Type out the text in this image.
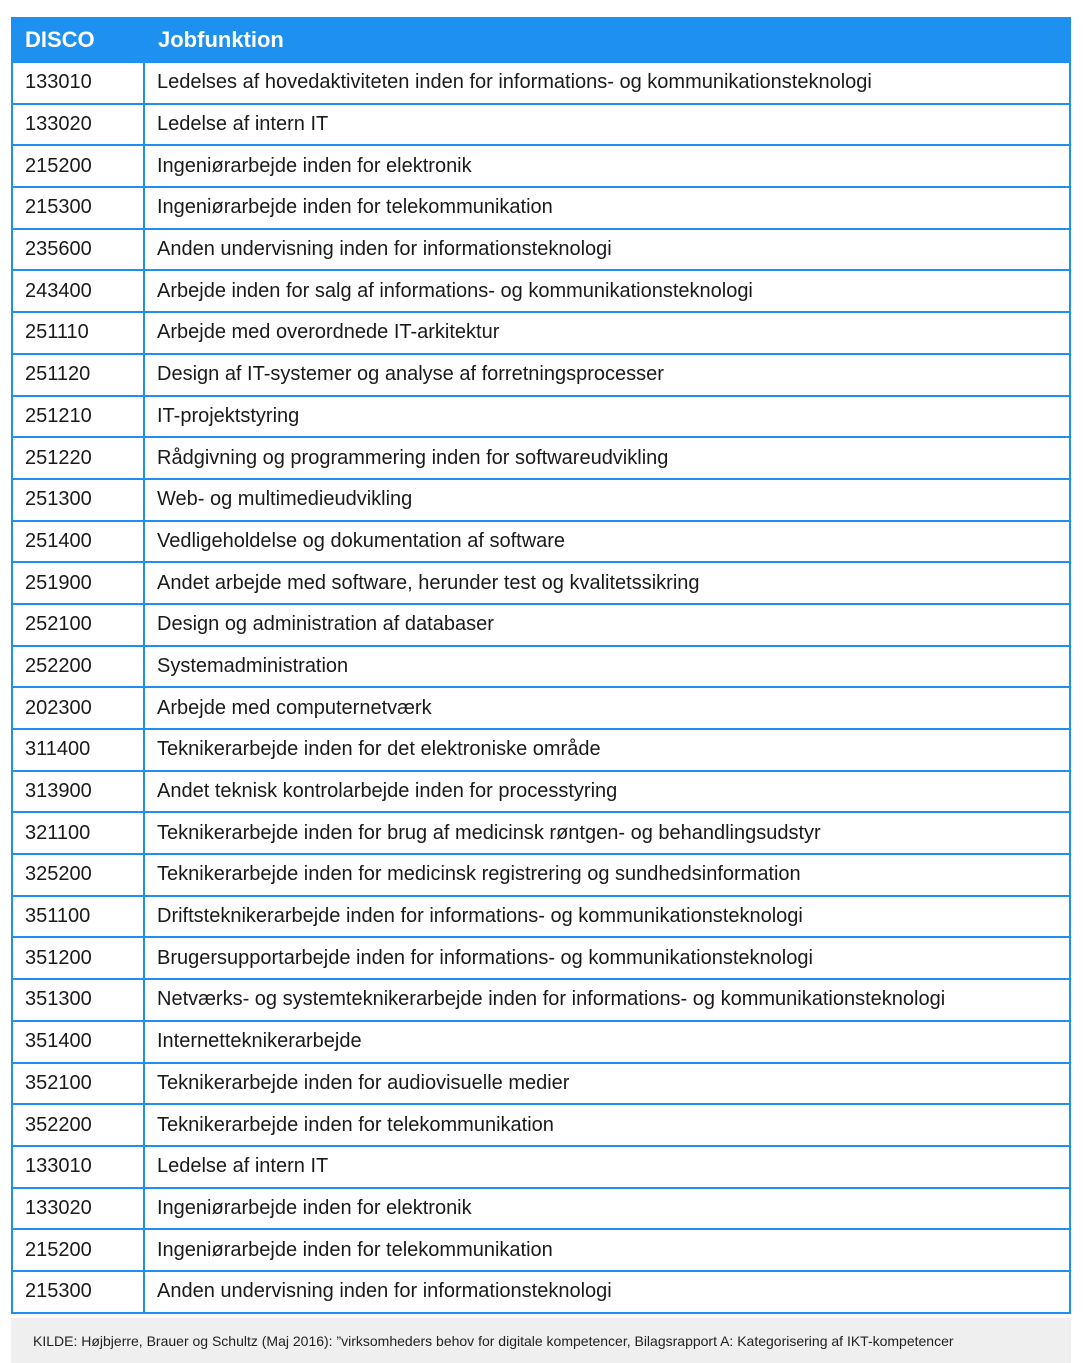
DISCO	Jobfunktion
133010	Ledelses af hovedaktiviteten inden for informations- og kommunikationsteknologi
133020	Ledelse af intern IT
215200	Ingeniørarbejde inden for elektronik
215300	Ingeniørarbejde inden for telekommunikation
235600	Anden undervisning inden for informationsteknologi
243400	Arbejde inden for salg af informations- og kommunikationsteknologi
251110	Arbejde med overordnede IT-arkitektur
251120	Design af IT-systemer og analyse af forretningsprocesser
251210	IT-projektstyring
251220	Rådgivning og programmering inden for softwareudvikling
251300	Web- og multimedieudvikling
251400	Vedligeholdelse og dokumentation af software
251900	Andet arbejde med software, herunder test og kvalitetssikring
252100	Design og administration af databaser
252200	Systemadministration
202300	Arbejde med computernetværk
311400	Teknikerarbejde inden for det elektroniske område
313900	Andet teknisk kontrolarbejde inden for processtyring
321100	Teknikerarbejde inden for brug af medicinsk røntgen- og behandlingsudstyr
325200	Teknikerarbejde inden for medicinsk registrering og sundhedsinformation
351100	Driftsteknikerarbejde inden for informations- og kommunikationsteknologi
351200	Brugersupportarbejde inden for informations- og kommunikationsteknologi
351300	Netværks- og systemteknikerarbejde inden for informations- og kommunikationsteknologi
351400	Internetteknikerarbejde
352100	Teknikerarbejde inden for audiovisuelle medier
352200	Teknikerarbejde inden for telekommunikation
133010	Ledelse af intern IT
133020	Ingeniørarbejde inden for elektronik
215200	Ingeniørarbejde inden for telekommunikation
215300	Anden undervisning inden for informationsteknologi
KILDE: Højbjerre, Brauer og Schultz (Maj 2016): ”virksomheders behov for digitale kompetencer, Bilagsrapport A: Kategorisering af IKT-kompetencer
